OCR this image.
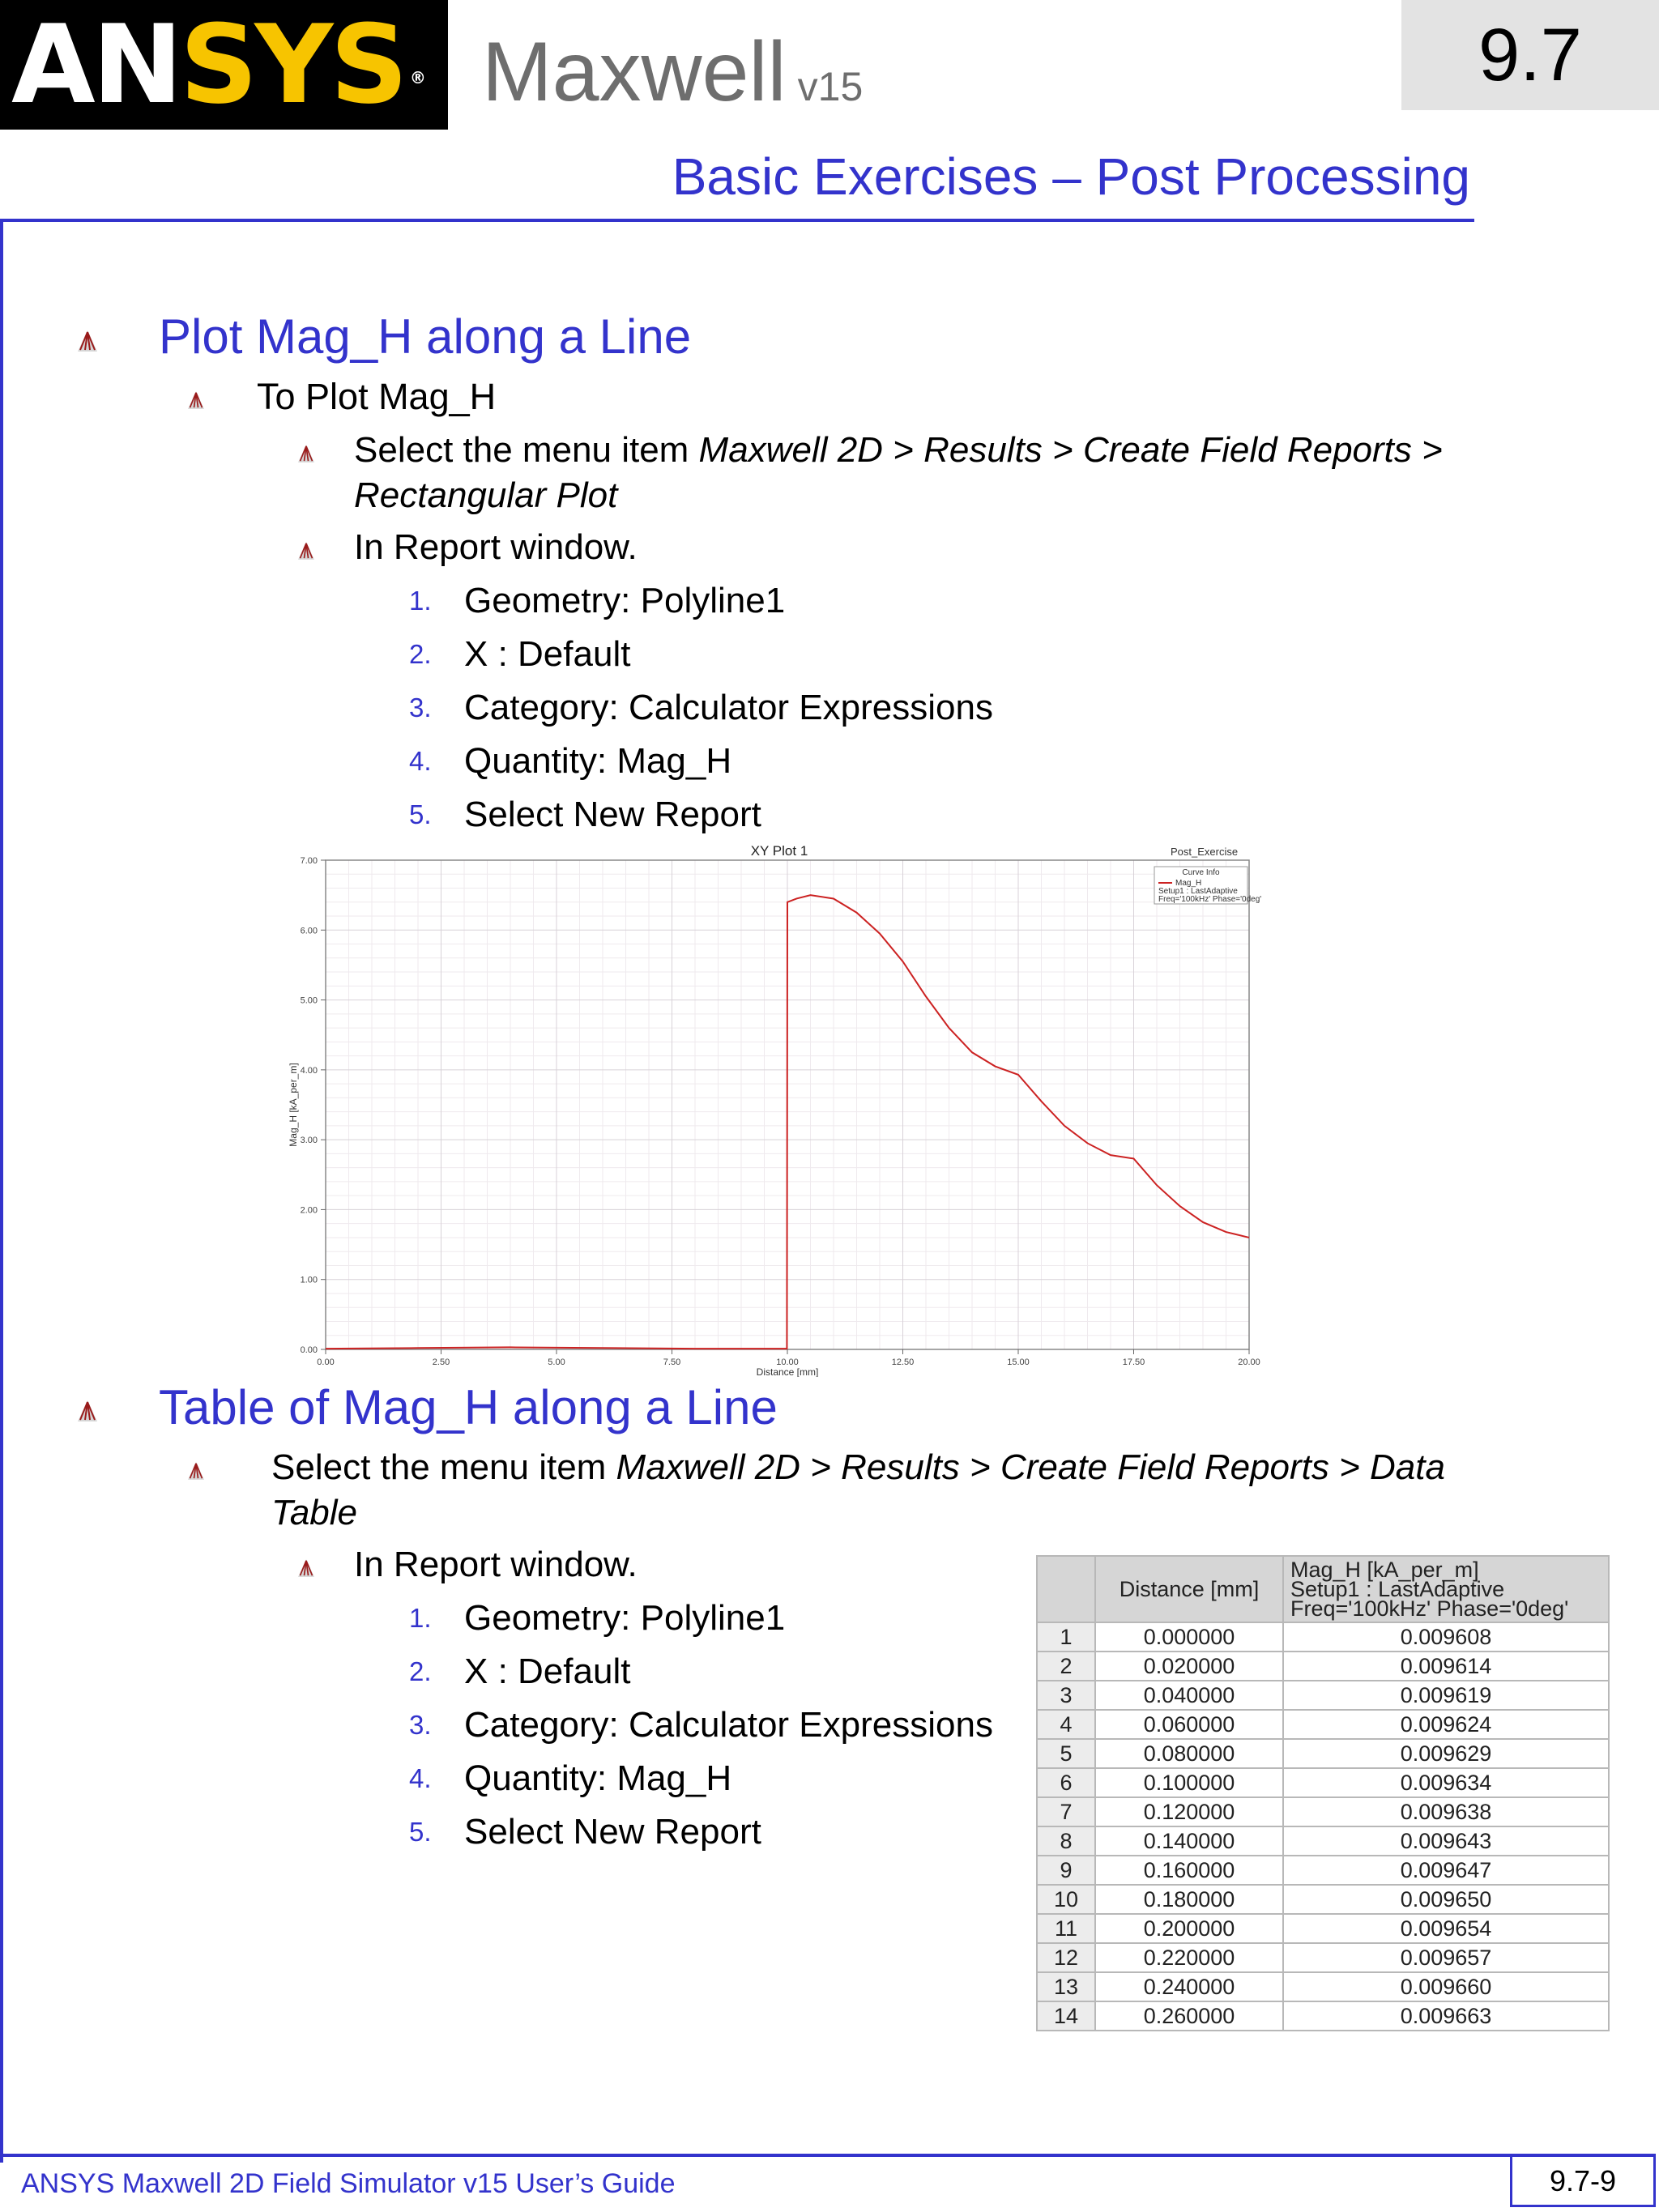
ANSYS ® Maxwell v15	9.7
Basic Exercises – Post Processing
Plot Mag_H along a Line
To Plot Mag_H
Select the menu item Maxwell 2D > Results > Create Field Reports >
Rectangular Plot
In Report window.
1. Geometry: Polyline1
2. X : Default
3. Category: Calculator Expressions
4. Quantity: Mag_H
5. Select New Report
0.00	2.50	5.00	7.50	10.00	12.50	15.00	17.50	20.00
0.00
1.00
2.00
3.00
4.00
5.00
6.00
7.00
XY Plot 1	Post_Exercise
Distance [mm]
Mag_H [kA_per_m]
Curve Info
Mag_H
Setup1 : LastAdaptive
Freq='100kHz' Phase='0deg'
Table of Mag_H along a Line
Select the menu item Maxwell 2D > Results > Create Field Reports > Data
Table
In Report window.
1. Geometry: Polyline1
2. X : Default
3. Category: Calculator Expressions
4. Quantity: Mag_H
5. Select New Report
	Distance [mm]	Mag_H [kA_per_m]
Setup1 : LastAdaptive
Freq='100kHz' Phase='0deg'

1	0.000000	0.009608
2	0.020000	0.009614
3	0.040000	0.009619
4	0.060000	0.009624
5	0.080000	0.009629
6	0.100000	0.009634
7	0.120000	0.009638
8	0.140000	0.009643
9	0.160000	0.009647
10	0.180000	0.009650
11	0.200000	0.009654
12	0.220000	0.009657
13	0.240000	0.009660
14	0.260000	0.009663
ANSYS Maxwell 2D Field Simulator v15 User’s Guide	9.7-9
